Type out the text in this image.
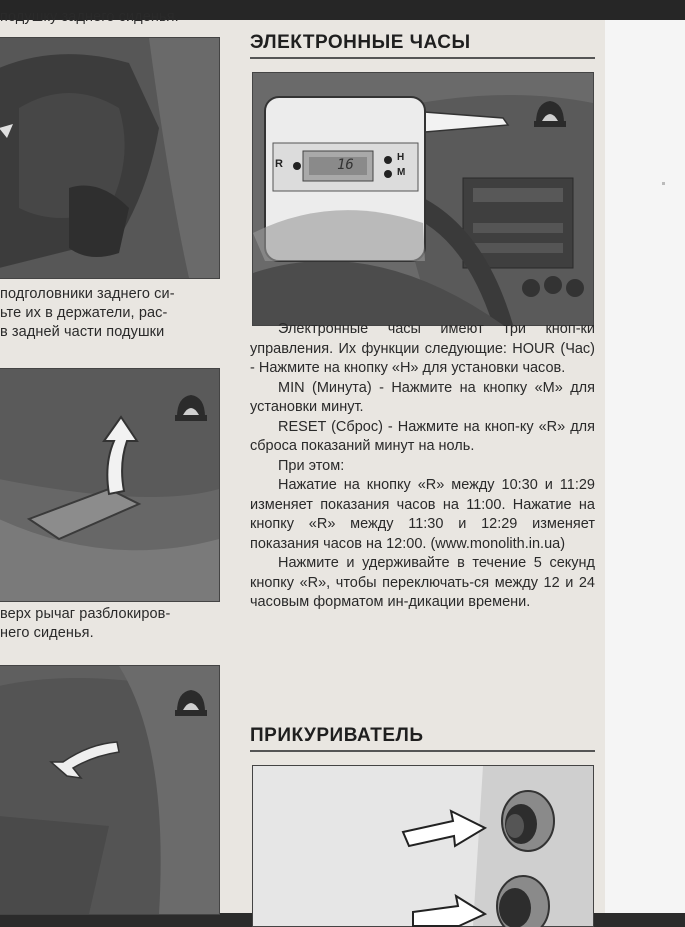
подушку заднего сиденья.
подголовники заднего си-
ьте их в держатели, рас-
в задней части подушки
верх рычаг разблокиров-
него сиденья.
ЭЛЕКТРОННЫЕ ЧАСЫ
R	16	H
M

Электронные часы имеют три кноп-ки управления. Их функции следующие: HOUR (Час) - Нажмите на кнопку «H» для установки часов.

MIN (Минута) - Нажмите на кнопку «M» для установки минут.

RESET (Сброс) - Нажмите на кноп-ку «R» для сброса показаний минут на ноль.

При этом:

Нажатие на кнопку «R» между 10:30 и 11:29 изменяет показания часов на 11:00. Нажатие на кнопку «R» между 11:30 и 12:29 изменяет показания часов на 12:00. (www.monolith.in.ua)

Нажмите и удерживайте в течение 5 секунд кнопку «R», чтобы переключать-ся между 12 и 24 часовым форматом ин-дикации времени.

ПРИКУРИВАТЕЛЬ
